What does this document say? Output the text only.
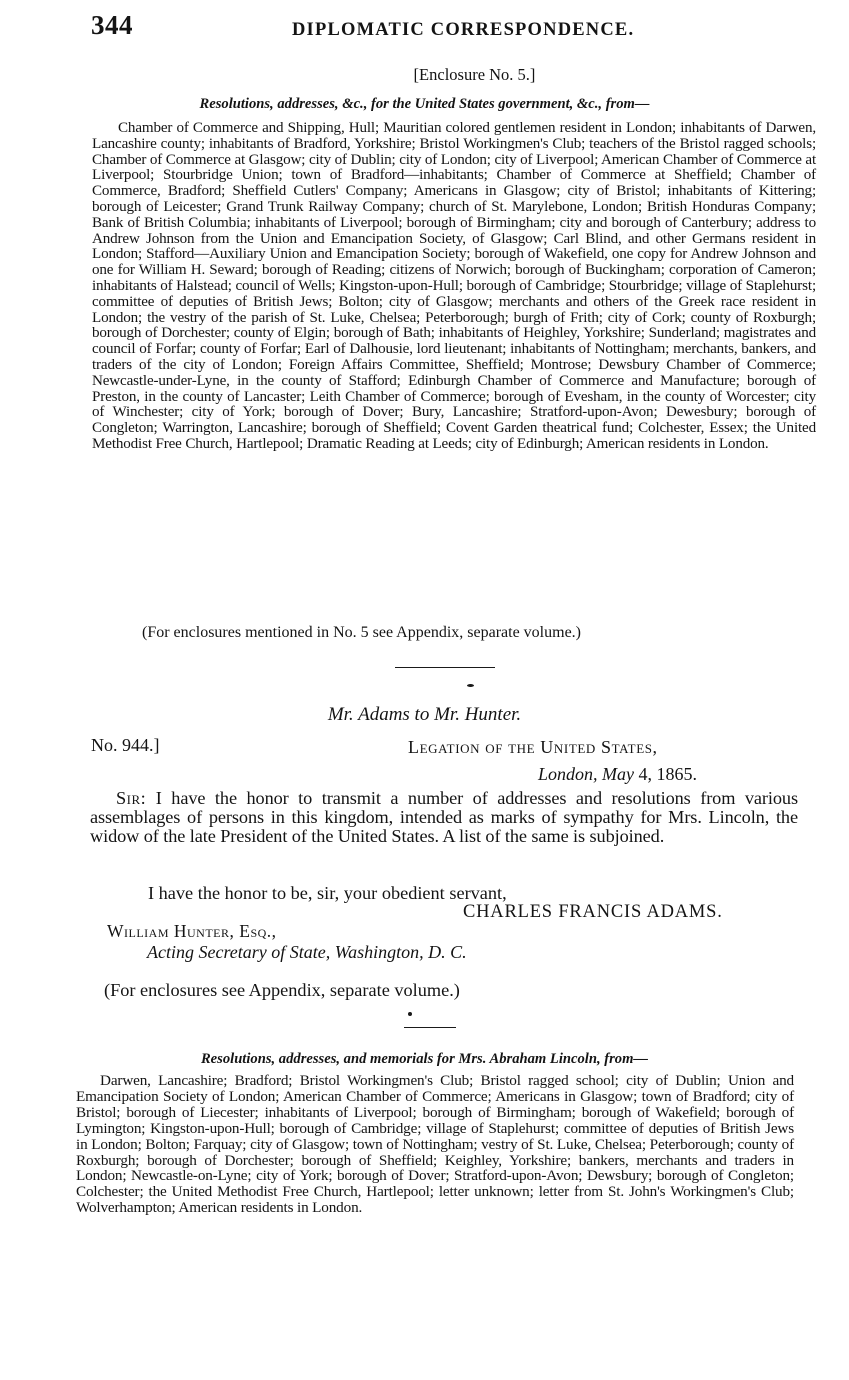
344	DIPLOMATIC CORRESPONDENCE.
[Enclosure No. 5.]
Resolutions, addresses, &c., for the United States government, &c., from—
Chamber of Commerce and Shipping, Hull; Mauritian colored gentlemen resident in London; inhabitants of Darwen, Lancashire county; inhabitants of Bradford, Yorkshire; Bristol Workingmen's Club; teachers of the Bristol ragged schools; Chamber of Commerce at Glasgow; city of Dublin; city of London; city of Liverpool; American Chamber of Commerce at Liverpool; Stourbridge Union; town of Bradford—inhabitants; Chamber of Commerce at Sheffield; Chamber of Commerce, Bradford; Sheffield Cutlers' Company; Americans in Glasgow; city of Bristol; inhabitants of Kittering; borough of Leicester; Grand Trunk Railway Company; church of St. Marylebone, London; British Honduras Company; Bank of British Columbia; inhabitants of Liverpool; borough of Birmingham; city and borough of Canterbury; address to Andrew Johnson from the Union and Emancipation Society, of Glasgow; Carl Blind, and other Germans resident in London; Stafford—Auxiliary Union and Emancipation Society; borough of Wakefield, one copy for Andrew Johnson and one for William H. Seward; borough of Reading; citizens of Norwich; borough of Buckingham; corporation of Cameron; inhabitants of Halstead; council of Wells; Kingston-upon-Hull; borough of Cambridge; Stourbridge; village of Staplehurst; committee of deputies of British Jews; Bolton; city of Glasgow; merchants and others of the Greek race resident in London; the vestry of the parish of St. Luke, Chelsea; Peterborough; burgh of Frith; city of Cork; county of Roxburgh; borough of Dorchester; county of Elgin; borough of Bath; inhabitants of Heighley, Yorkshire; Sunderland; magistrates and council of Forfar; county of Forfar; Earl of Dalhousie, lord lieutenant; inhabitants of Nottingham; merchants, bankers, and traders of the city of London; Foreign Affairs Committee, Sheffield; Montrose; Dewsbury Chamber of Commerce; Newcastle-under-Lyne, in the county of Stafford; Edinburgh Chamber of Commerce and Manufacture; borough of Preston, in the county of Lancaster; Leith Chamber of Commerce; borough of Evesham, in the county of Worcester; city of Winchester; city of York; borough of Dover; Bury, Lancashire; Stratford-upon-Avon; Dewesbury; borough of Congleton; Warrington, Lancashire; borough of Sheffield; Covent Garden theatrical fund; Colchester, Essex; the United Methodist Free Church, Hartlepool; Dramatic Reading at Leeds; city of Edinburgh; American residents in London.
(For enclosures mentioned in No. 5 see Appendix, separate volume.)
Mr. Adams to Mr. Hunter.
No. 944.]	Legation of the United States,
London, May 4, 1865.
Sir: I have the honor to transmit a number of addresses and resolutions from various assemblages of persons in this kingdom, intended as marks of sympathy for Mrs. Lincoln, the widow of the late President of the United States. A list of the same is subjoined.
I have the honor to be, sir, your obedient servant,
CHARLES FRANCIS ADAMS.
William Hunter, Esq.,
Acting Secretary of State, Washington, D. C.
(For enclosures see Appendix, separate volume.)
Resolutions, addresses, and memorials for Mrs. Abraham Lincoln, from—
Darwen, Lancashire; Bradford; Bristol Workingmen's Club; Bristol ragged school; city of Dublin; Union and Emancipation Society of London; American Chamber of Commerce; Americans in Glasgow; town of Bradford; city of Bristol; borough of Liecester; inhabitants of Liverpool; borough of Birmingham; borough of Wakefield; borough of Lymington; Kingston-upon-Hull; borough of Cambridge; village of Staplehurst; committee of deputies of British Jews in London; Bolton; Farquay; city of Glasgow; town of Nottingham; vestry of St. Luke, Chelsea; Peterborough; county of Roxburgh; borough of Dorchester; borough of Sheffield; Keighley, Yorkshire; bankers, merchants and traders in London; Newcastle-on-Lyne; city of York; borough of Dover; Stratford-upon-Avon; Dewsbury; borough of Congleton; Colchester; the United Methodist Free Church, Hartlepool; letter unknown; letter from St. John's Workingmen's Club; Wolverhampton; American residents in London.
